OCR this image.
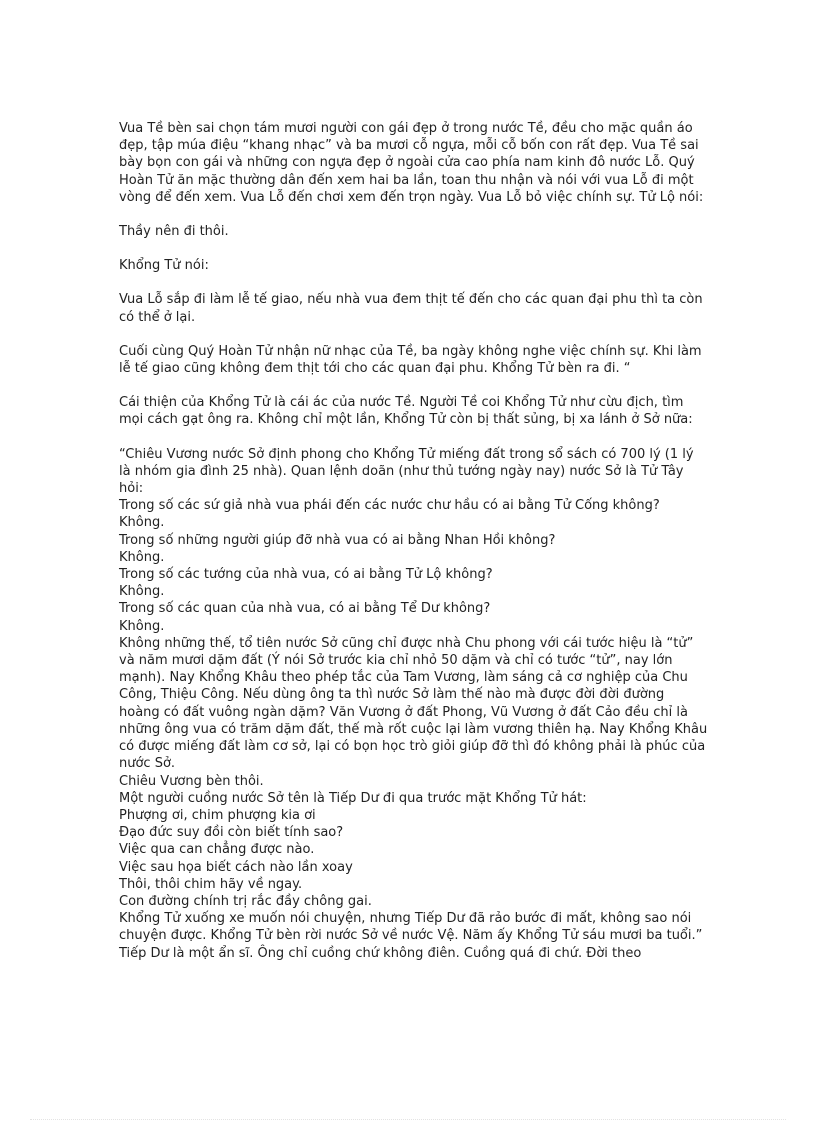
Vua Tề bèn sai chọn tám mươi người con gái đẹp ở trong nước Tề, đều cho mặc quần áo đẹp, tập múa điệu “khang nhạc” và ba mươi cỗ ngựa, mỗi cỗ bốn con rất đẹp. Vua Tề sai bày bọn con gái và những con ngựa đẹp ở ngoài cửa cao phía nam kinh đô nước Lỗ. Quý Hoàn Tử ăn mặc thường dân đến xem hai ba lần, toan thu nhận và nói với vua Lỗ đi một vòng để đến xem. Vua Lỗ đến chơi xem đến trọn ngày. Vua Lỗ bỏ việc chính sự. Tử Lộ nói:

Thầy nên đi thôi.

Khổng Tử nói:

Vua Lỗ sắp đi làm lễ tế giao, nếu nhà vua đem thịt tế đến cho các quan đại phu thì ta còn có thể ở lại.

Cuối cùng Quý Hoàn Tử nhận nữ nhạc của Tề, ba ngày không nghe việc chính sự. Khi làm lễ tế giao cũng không đem thịt tới cho các quan đại phu. Khổng Tử bèn ra đi. “

Cái thiện của Khổng Tử là cái ác của nước Tề. Người Tề coi Khổng Tử như cừu địch, tìm mọi cách gạt ông ra. Không chỉ một lần, Khổng Tử còn bị thất sủng, bị xa lánh ở Sở nữa:

“Chiêu Vương nước Sở định phong cho Khổng Tử miếng đất trong sổ sách có 700 lý (1 lý là nhóm gia đình 25 nhà). Quan lệnh doãn (như thủ tướng ngày nay) nước Sở là Tử Tây hỏi:

Trong số các sứ giả nhà vua phái đến các nước chư hầu có ai bằng Tử Cống không?

Không.

Trong số những người giúp đỡ nhà vua có ai bằng Nhan Hồi không?

Không.

Trong số các tướng của nhà vua, có ai bằng Tử Lộ không?

Không.

Trong số các quan của nhà vua, có ai bằng Tể Dư không?

Không.

Không những thế, tổ tiên nước Sở cũng chỉ được nhà Chu phong với cái tước hiệu là “tử” và năm mươi dặm đất (Ý nói Sở trước kia chỉ nhỏ 50 dặm và chỉ có tước “tử”, nay lớn mạnh). Nay Khổng Khâu theo phép tắc của Tam Vương, làm sáng cả cơ nghiệp của Chu Công, Thiệu Công. Nếu dùng ông ta thì nước Sở làm thế nào mà được đời đời đường hoàng có đất vuông ngàn dặm? Văn Vương ở đất Phong, Vũ Vương ở đất Cảo đều chỉ là những ông vua có trăm dặm đất, thế mà rốt cuộc lại làm vương thiên hạ. Nay Khổng Khâu có được miếng đất làm cơ sở, lại có bọn học trò giỏi giúp đỡ thì đó không phải là phúc của nước Sở.

Chiêu Vương bèn thôi.

Một người cuồng nước Sở tên là Tiếp Dư đi qua trước mặt Khổng Tử hát:

Phượng ơi, chim phượng kia ơi

Đạo đức suy đồi còn biết tính sao?

Việc qua can chẳng được nào.

Việc sau họa biết cách nào lần xoay

Thôi, thôi chim hãy về ngay.

Con đường chính trị rắc đầy chông gai.

Khổng Tử xuống xe muốn nói chuyện, nhưng Tiếp Dư đã rảo bước đi mất, không sao nói chuyện được. Khổng Tử bèn rời nước Sở về nước Vệ. Năm ấy Khổng Tử sáu mươi ba tuổi.”

Tiếp Dư là một ẩn sĩ. Ông chỉ cuồng chứ không điên. Cuồng quá đi chứ. Đời theo
